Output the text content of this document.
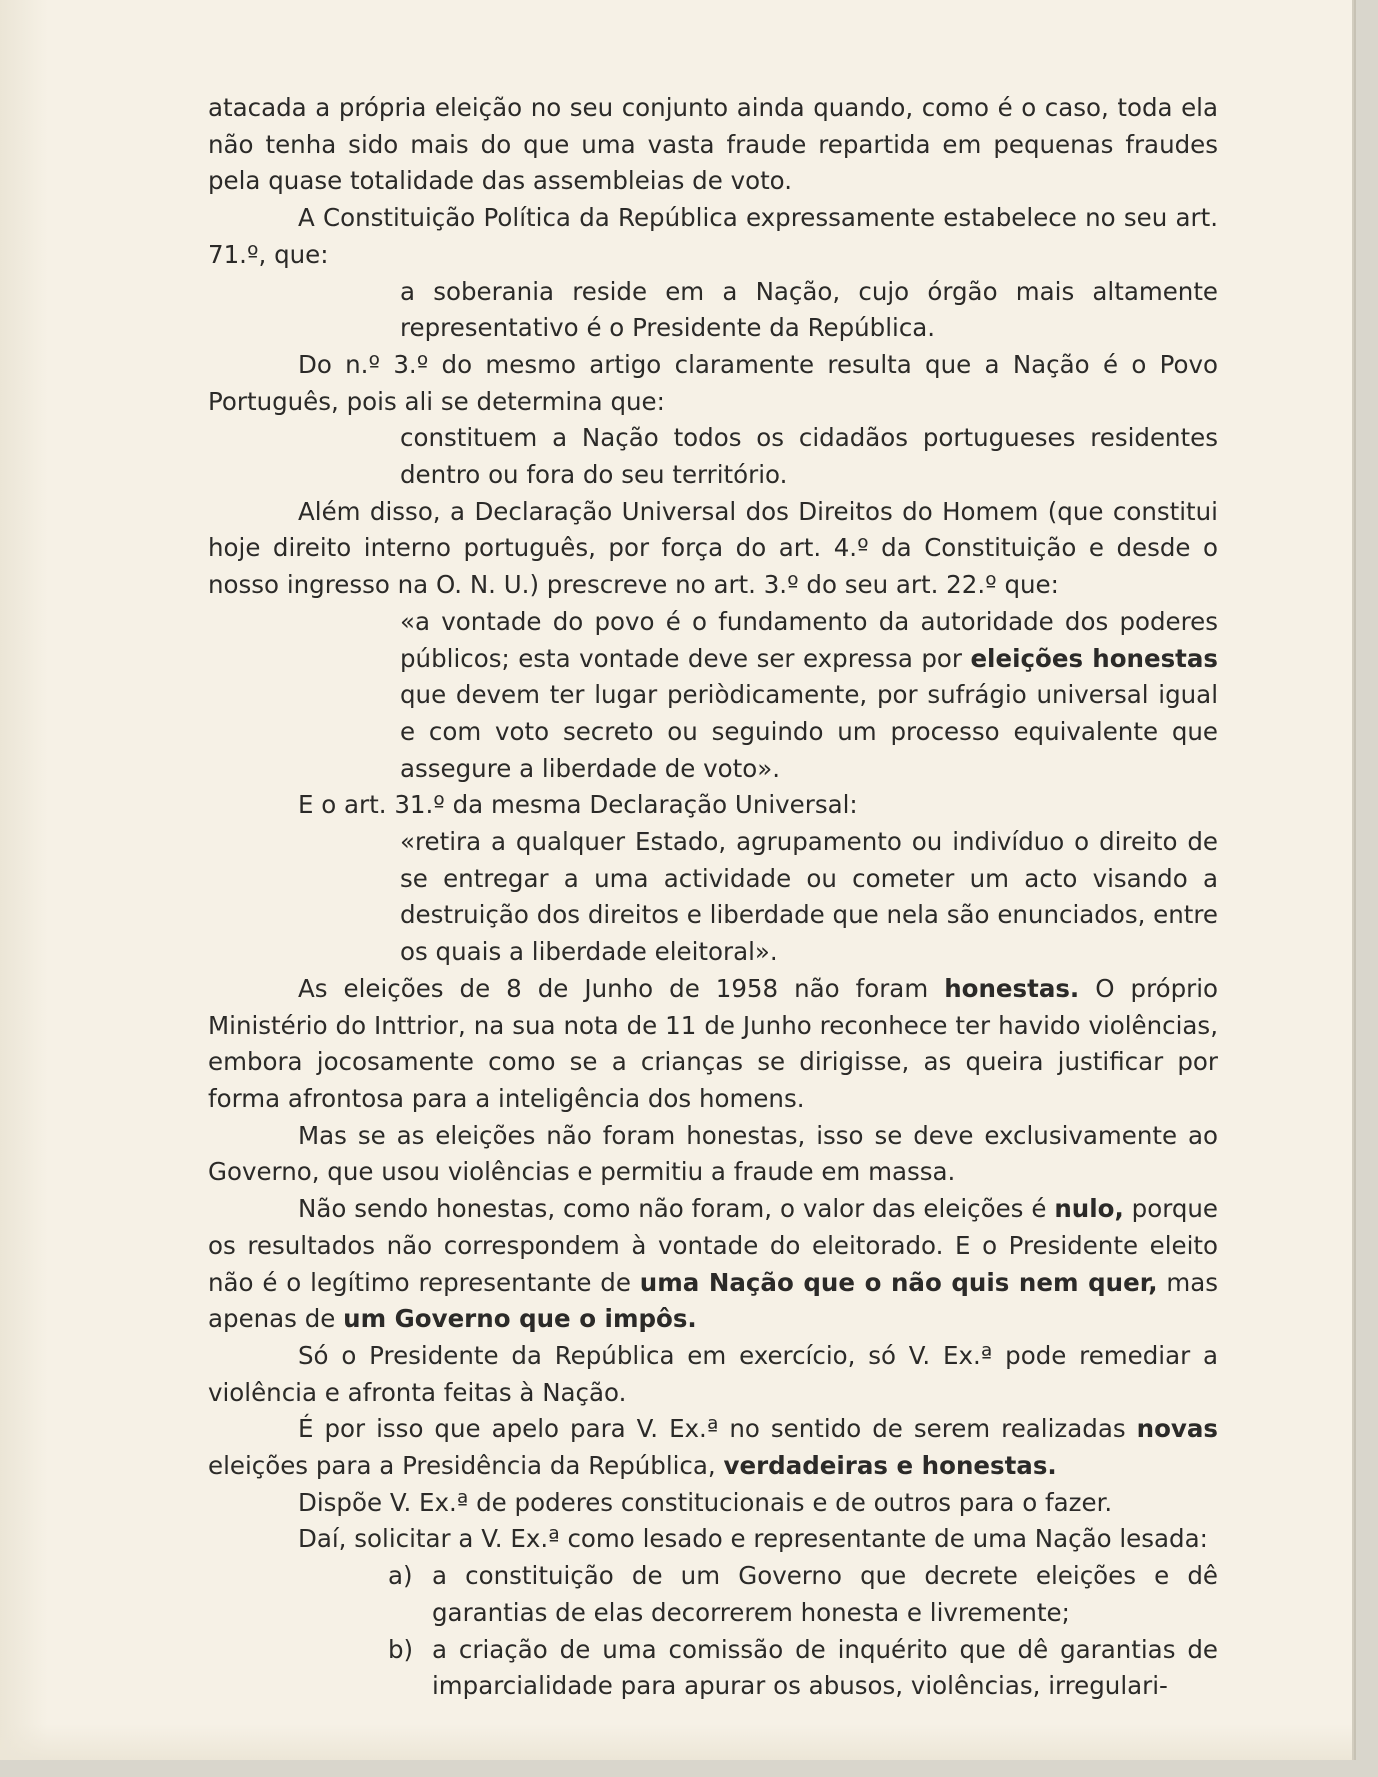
atacada a própria eleição no seu conjunto ainda quando, como é o caso, toda ela não tenha sido mais do que uma vasta fraude repartida em pequenas fraudes pela quase totalidade das assembleias de voto.

A Constituição Política da República expressamente estabelece no seu art. 71.º, que:

a soberania reside em a Nação, cujo órgão mais altamente representativo é o Presidente da República.

Do n.º 3.º do mesmo artigo claramente resulta que a Nação é o Povo Português, pois ali se determina que:

constituem a Nação todos os cidadãos portugueses residentes dentro ou fora do seu território.

Além disso, a Declaração Universal dos Direitos do Homem (que constitui hoje direito interno português, por força do art. 4.º da Constituição e desde o nosso ingresso na O. N. U.) prescreve no art. 3.º do seu art. 22.º que:

«a vontade do povo é o fundamento da autoridade dos poderes públicos; esta vontade deve ser expressa por eleições honestas que devem ter lugar periòdicamente, por sufrágio universal igual e com voto secreto ou seguindo um processo equivalente que assegure a liberdade de voto».

E o art. 31.º da mesma Declaração Universal:

«retira a qualquer Estado, agrupamento ou indivíduo o direito de se entregar a uma actividade ou cometer um acto visando a destruição dos direitos e liberdade que nela são enunciados, entre os quais a liberdade eleitoral».

As eleições de 8 de Junho de 1958 não foram honestas. O próprio Ministério do Inttrior, na sua nota de 11 de Junho reconhece ter havido violências, embora jocosamente como se a crianças se dirigisse, as queira justificar por forma afrontosa para a inteligência dos homens.

Mas se as eleições não foram honestas, isso se deve exclusivamente ao Governo, que usou violências e permitiu a fraude em massa.

Não sendo honestas, como não foram, o valor das eleições é nulo, porque os resultados não correspondem à vontade do eleitorado. E o Presidente eleito não é o legítimo representante de uma Nação que o não quis nem quer, mas apenas de um Governo que o impôs.

Só o Presidente da República em exercício, só V. Ex.ª pode remediar a violência e afronta feitas à Nação.

É por isso que apelo para V. Ex.ª no sentido de serem realizadas novas eleições para a Presidência da República, verdadeiras e honestas.

Dispõe V. Ex.ª de poderes constitucionais e de outros para o fazer.

Daí, solicitar a V. Ex.ª como lesado e representante de uma Nação lesada:

a) a constituição de um Governo que decrete eleições e dê garantias de elas decorrerem honesta e livremente;
b) a criação de uma comissão de inquérito que dê garantias de imparcialidade para apurar os abusos, violências, irregulari-
